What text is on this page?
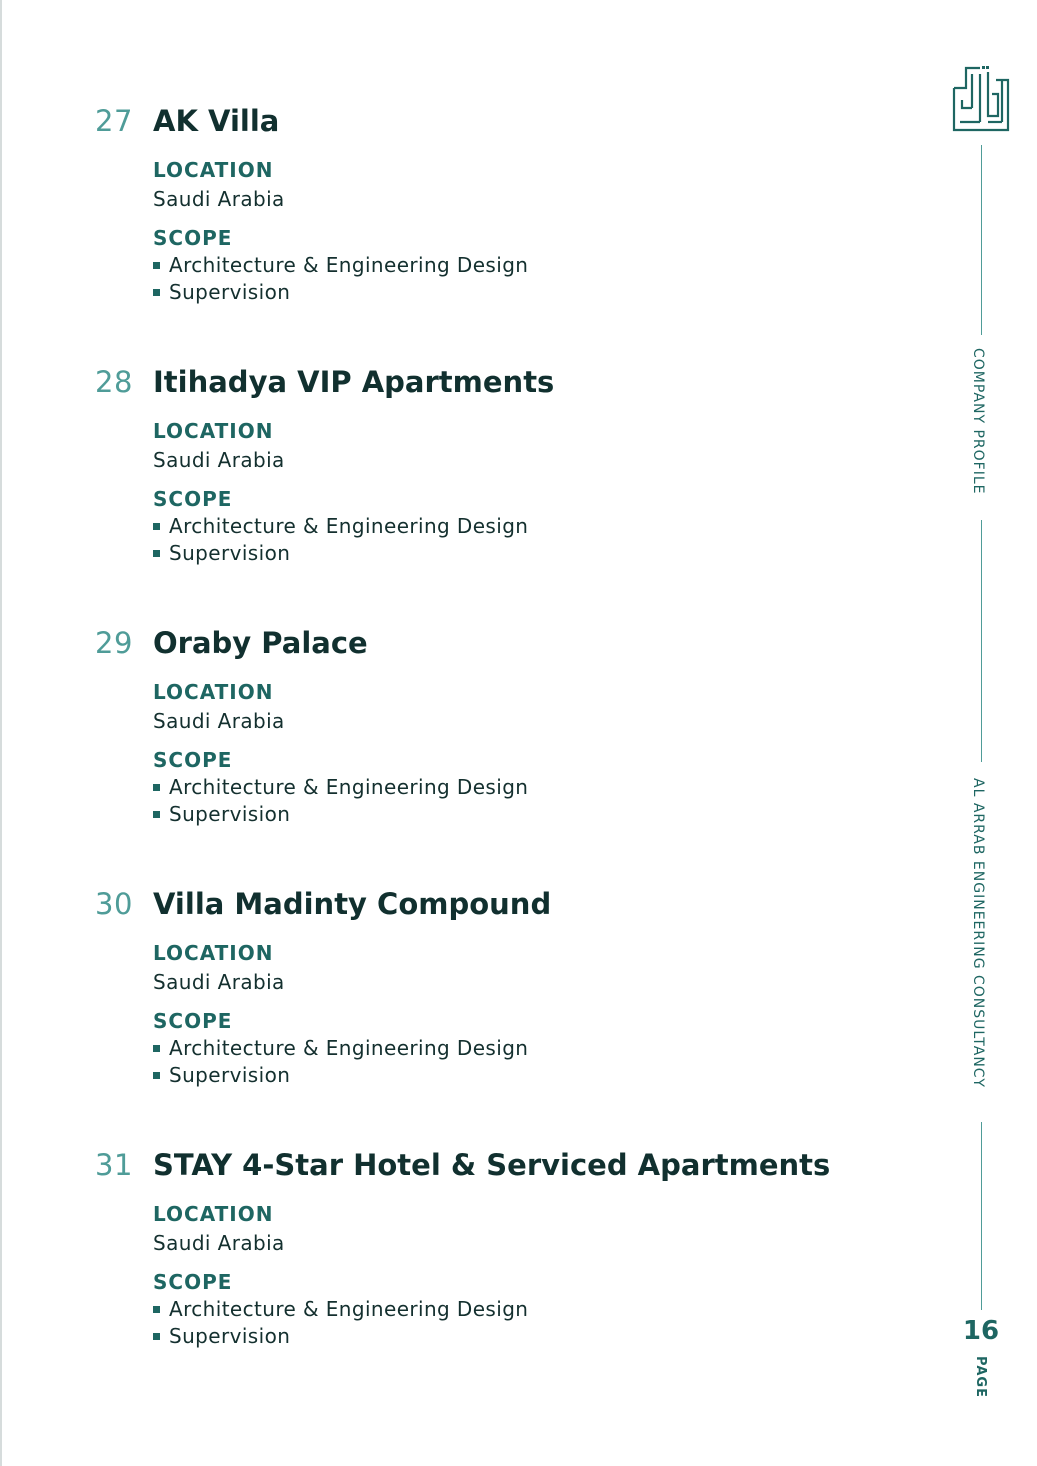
27 AK Villa
LOCATION
Saudi Arabia
SCOPE
Architecture & Engineering Design
Supervision
28 Itihadya VIP Apartments
LOCATION
Saudi Arabia
SCOPE
Architecture & Engineering Design
Supervision
29 Oraby Palace
LOCATION
Saudi Arabia
SCOPE
Architecture & Engineering Design
Supervision
30 Villa Madinty Compound
LOCATION
Saudi Arabia
SCOPE
Architecture & Engineering Design
Supervision
31 STAY 4-Star Hotel & Serviced Apartments
LOCATION
Saudi Arabia
SCOPE
Architecture & Engineering Design
Supervision
COMPANY PROFILE
AL ARRAB ENGINEERING CONSULTANCY
16
PAGE
